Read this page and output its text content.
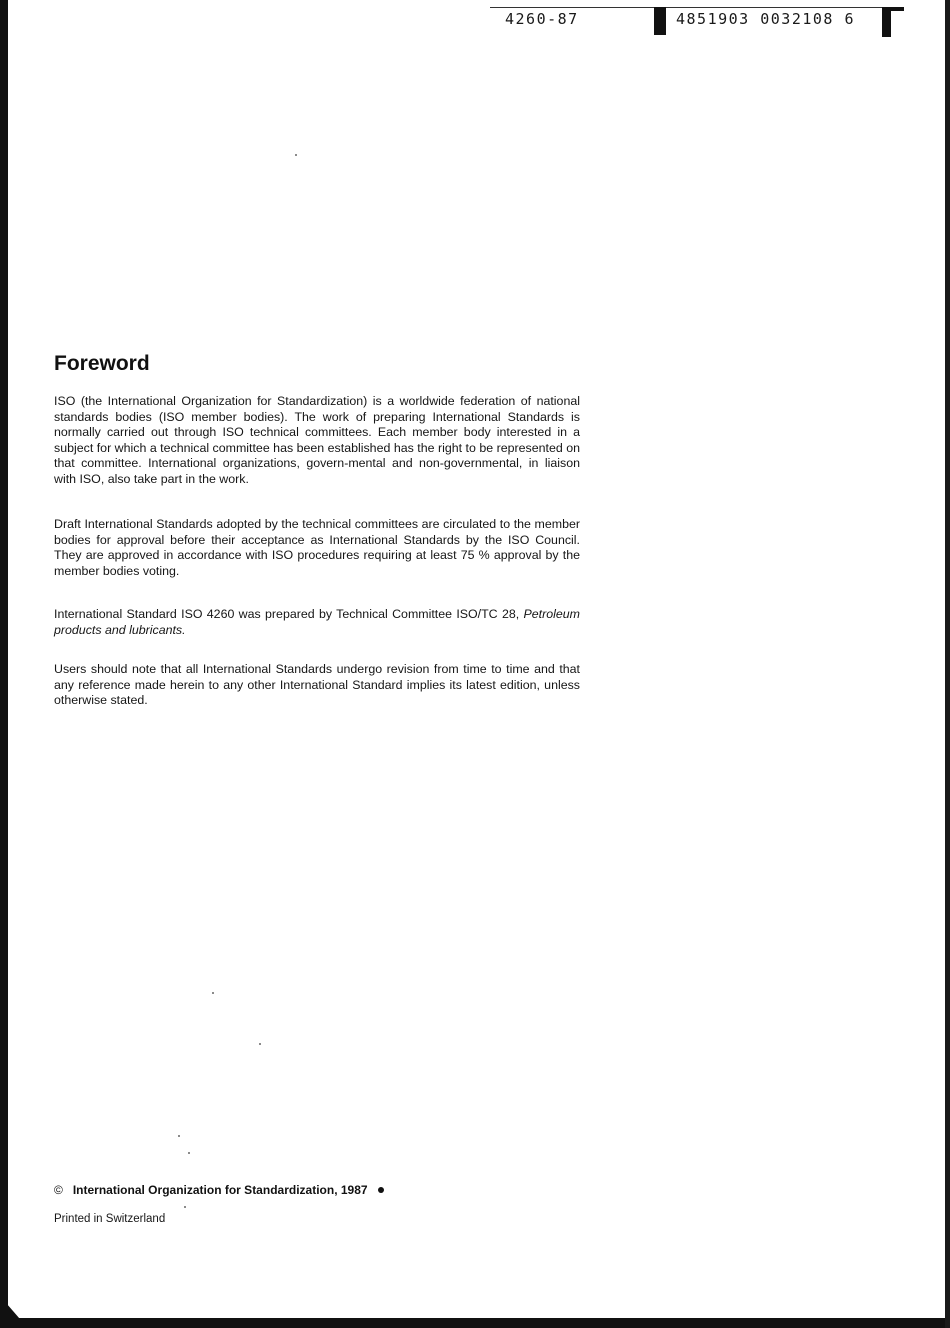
4260-87	4851903 0032108 6
Foreword

ISO (the International Organization for Standardization) is a worldwide federation of national standards bodies (ISO member bodies). The work of preparing International Standards is normally carried out through ISO technical committees. Each member body interested in a subject for which a technical committee has been established has the right to be represented on that committee. International organizations, govern-mental and non-governmental, in liaison with ISO, also take part in the work.

Draft International Standards adopted by the technical committees are circulated to the member bodies for approval before their acceptance as International Standards by the ISO Council. They are approved in accordance with ISO procedures requiring at least 75 % approval by the member bodies voting.

International Standard ISO 4260 was prepared by Technical Committee ISO/TC 28, Petroleum products and lubricants.

Users should note that all International Standards undergo revision from time to time and that any reference made herein to any other International Standard implies its latest edition, unless otherwise stated.

© International Organization for Standardization, 1987
Printed in Switzerland
